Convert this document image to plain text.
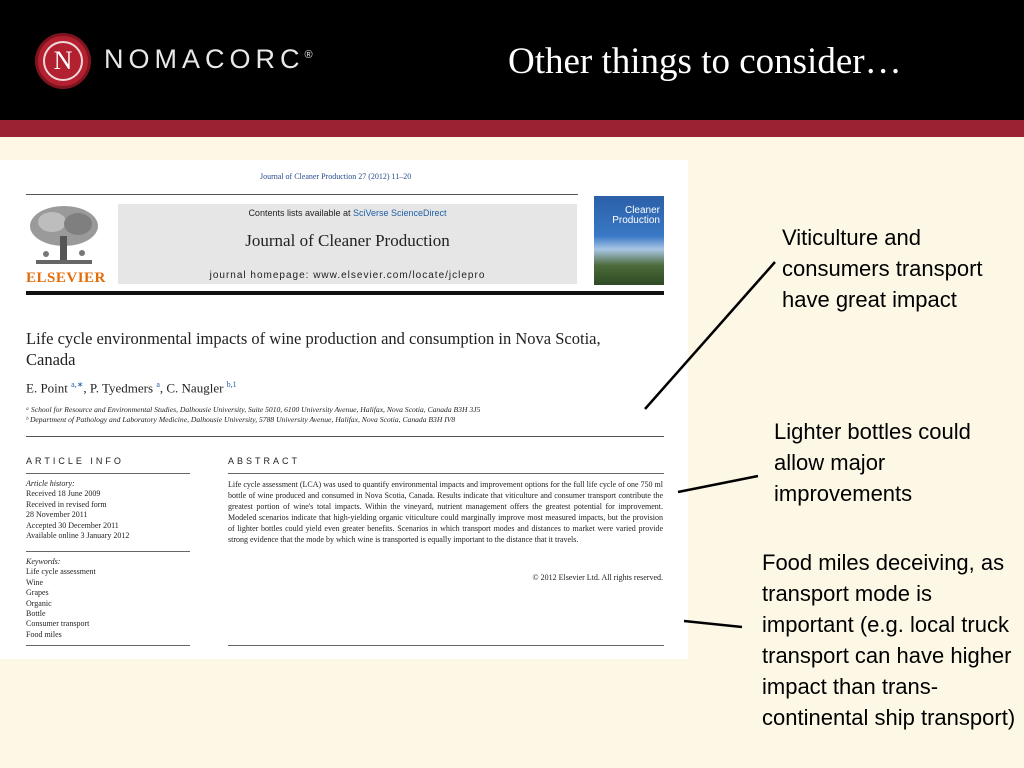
N	NOMACORC®	Other things to consider…
Journal of Cleaner Production 27 (2012) 11–20
ELSEVIER
Contents lists available at SciVerse ScienceDirect
Journal of Cleaner Production
journal homepage: www.elsevier.com/locate/jclepro
Cleaner Production
Life cycle environmental impacts of wine production and consumption in Nova Scotia, Canada
E. Point $^{a,∗}$, P. Tyedmers $^a$, C. Naugler $^{b,1}$
ᵃ School for Resource and Environmental Studies, Dalhousie University, Suite 5010, 6100 University Avenue, Halifax, Nova Scotia, Canada B3H 3J5
ᵇ Department of Pathology and Laboratory Medicine, Dalhousie University, 5788 University Avenue, Halifax, Nova Scotia, Canada B3H IV8
ARTICLE INFO	ABSTRACT
Article history:
Received 18 June 2009
Received in revised form
28 November 2011
Accepted 30 December 2011
Available online 3 January 2012
Keywords:
Life cycle assessment
Wine
Grapes
Organic
Bottle
Consumer transport
Food miles
Life cycle assessment (LCA) was used to quantify environmental impacts and improvement options for the full life cycle of one 750 ml bottle of wine produced and consumed in Nova Scotia, Canada. Results indicate that viticulture and consumer transport contribute the greatest portion of wine's total impacts. Within the vineyard, nutrient management offers the greatest potential for improvement. Modeled scenarios indicate that high-yielding organic viticulture could marginally improve most measured impacts, but the provision of lighter bottles could yield even greater benefits. Scenarios in which transport modes and distances to market were varied provide strong evidence that the mode by which wine is transported is equally important to the distance that it travels.
© 2012 Elsevier Ltd. All rights reserved.
Viticulture and consumers transport have great impact
Lighter bottles could allow major improvements
Food miles deceiving, as transport mode is important (e.g. local truck transport can have higher impact than trans- continental ship transport)
